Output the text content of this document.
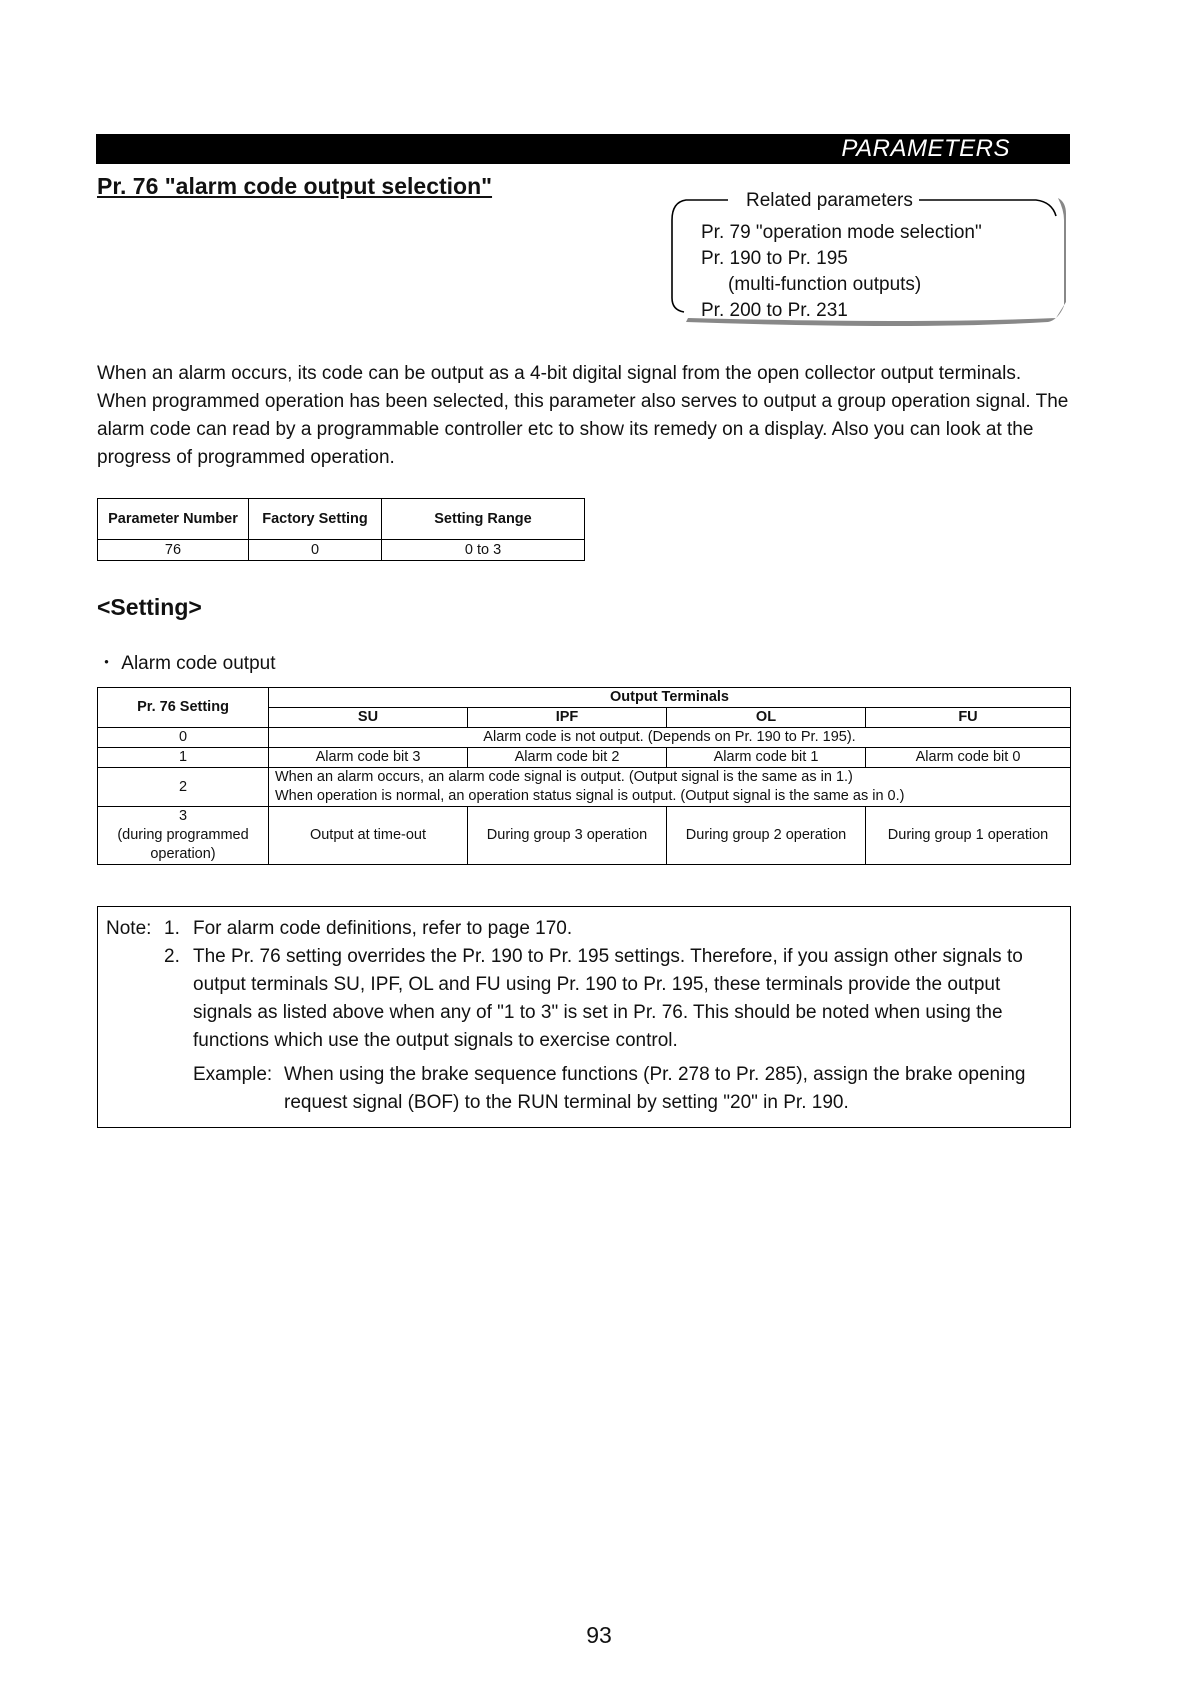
PARAMETERS
Pr. 76 "alarm code output selection"
Related parameters
Pr. 79 "operation mode selection"
Pr. 190 to Pr. 195
(multi-function outputs)
Pr. 200 to Pr. 231
When an alarm occurs, its code can be output as a 4-bit digital signal from the open collector output terminals. When programmed operation has been selected, this parameter also serves to output a group operation signal. The alarm code can read by a programmable controller etc to show its remedy on a display. Also you can look at the progress of programmed operation.
Parameter Number	Factory Setting	Setting Range
76	0	0 to 3
<Setting>
・ Alarm code output
Pr. 76 Setting	Output Terminals			
	SU	IPF	OL	FU
0	Alarm code is not output. (Depends on Pr. 190 to Pr. 195).			
1	Alarm code bit 3	Alarm code bit 2	Alarm code bit 1	Alarm code bit 0
2	When an alarm occurs, an alarm code signal is output. (Output signal is the same as in 1.)
When operation is normal, an operation status signal is output. (Output signal is the same as in 0.)			

3
(during programmed
operation)	Output at time-out	During group 3 operation	During group 2 operation	During group 1 operation
Note: 1. For alarm code definitions, refer to page 170.
2. The Pr. 76 setting overrides the Pr. 190 to Pr. 195 settings. Therefore, if you assign other signals to
output terminals SU, IPF, OL and FU using Pr. 190 to Pr. 195, these terminals provide the output
signals as listed above when any of "1 to 3" is set in Pr. 76. This should be noted when using the
functions which use the output signals to exercise control.
Example: When using the brake sequence functions (Pr. 278 to Pr. 285), assign the brake opening
request signal (BOF) to the RUN terminal by setting "20" in Pr. 190.
93
